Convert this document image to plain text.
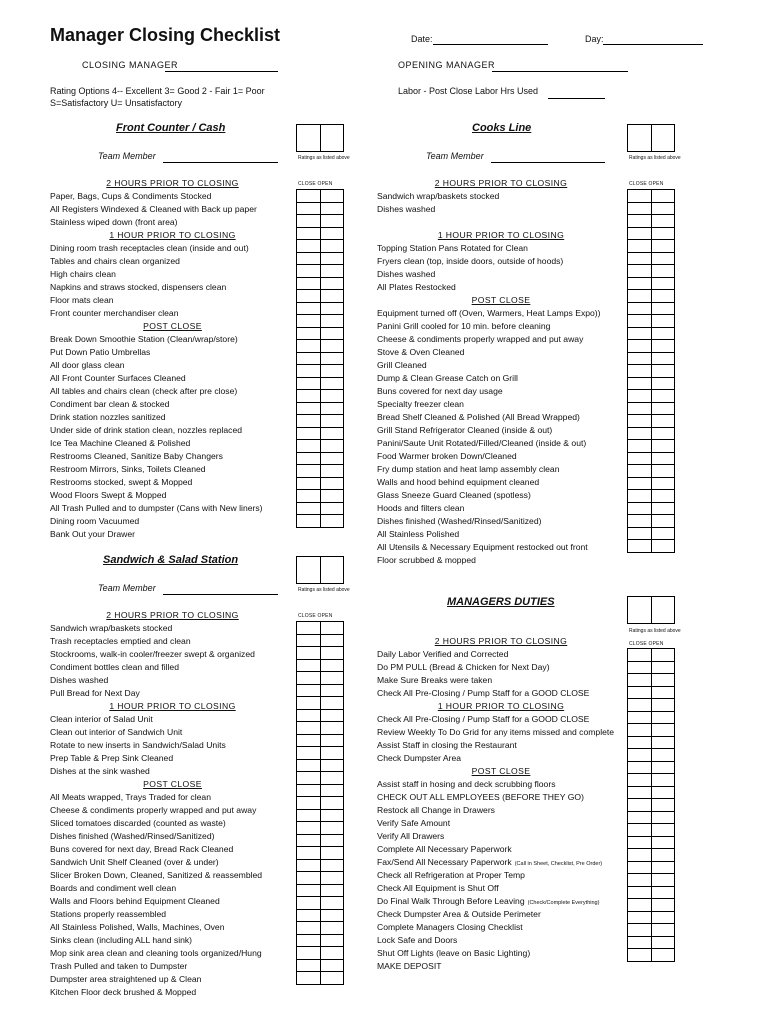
Manager Closing Checklist	Date:	Day:
CLOSING MANAGER	OPENING MANAGER
Rating Options 4-- Excellent 3= Good 2 - Fair 1= Poor
S=Satisfactory U= Unsatisfactory
Labor - Post Close Labor Hrs Used
Front Counter / Cash
Team Member	Ratings as listed above
CLOSE OPEN
2 HOURS PRIOR TO CLOSING
Paper, Bags, Cups & Condiments Stocked
All Registers Windexed & Cleaned with Back up paper
Stainless wiped down (front area)
1 HOUR PRIOR TO CLOSING
Dining room trash receptacles clean (inside and out)
Tables and chairs clean organized
High chairs clean
Napkins and straws stocked, dispensers clean
Floor mats clean
Front counter merchandiser clean
POST CLOSE
Break Down Smoothie Station (Clean/wrap/store)
Put Down Patio Umbrellas
All door glass clean
All Front Counter Surfaces Cleaned
All tables and chairs clean (check after pre close)
Condiment bar clean & stocked
Drink station nozzles sanitized
Under side of drink station clean, nozzles replaced
Ice Tea Machine Cleaned & Polished
Restrooms Cleaned, Sanitize Baby Changers
Restroom Mirrors, Sinks, Toilets Cleaned
Restrooms stocked, swept & Mopped
Wood Floors Swept & Mopped
All Trash Pulled and to dumpster (Cans with New liners)
Dining room Vacuumed
Bank Out your Drawer
Sandwich & Salad Station
Team Member	Ratings as listed above
CLOSE OPEN
2 HOURS PRIOR TO CLOSING
Sandwich wrap/baskets stocked
Trash receptacles emptied and clean
Stockrooms, walk-in cooler/freezer swept & organized
Condiment bottles clean and filled
Dishes washed
Pull Bread for Next Day
1 HOUR PRIOR TO CLOSING
Clean interior of Salad Unit
Clean out interior of Sandwich Unit
Rotate to new inserts in Sandwich/Salad Units
Prep Table & Prep Sink Cleaned
Dishes at the sink washed
POST CLOSE
All Meats wrapped, Trays Traded for clean
Cheese & condiments properly wrapped and put away
Sliced tomatoes discarded (counted as waste)
Dishes finished (Washed/Rinsed/Sanitized)
Buns covered for next day, Bread Rack Cleaned
Sandwich Unit Shelf Cleaned (over & under)
Slicer Broken Down, Cleaned, Sanitized & reassembled
Boards and condiment well clean
Walls and Floors behind Equipment Cleaned
Stations properly reassembled
All Stainless Polished, Walls, Machines, Oven
Sinks clean (including ALL hand sink)
Mop sink area clean and cleaning tools organized/Hung
Trash Pulled and taken to Dumpster
Dumpster area straightened up & Clean
Kitchen Floor deck brushed & Mopped
Cooks Line
Team Member	Ratings as listed above
CLOSE OPEN
2 HOURS PRIOR TO CLOSING
Sandwich wrap/baskets stocked
Dishes washed
1 HOUR PRIOR TO CLOSING
Topping Station Pans Rotated for Clean
Fryers clean (top, inside doors, outside of hoods)
Dishes washed
All Plates Restocked
POST CLOSE
Equipment turned off (Oven, Warmers, Heat Lamps Expo))
Panini Grill cooled for 10 min. before cleaning
Cheese & condiments properly wrapped and put away
Stove & Oven Cleaned
Grill Cleaned
Dump & Clean Grease Catch on Grill
Buns covered for next day usage
Specialty freezer clean
Bread Shelf Cleaned & Polished (All Bread Wrapped)
Grill Stand Refrigerator Cleaned (inside & out)
Panini/Saute Unit Rotated/Filled/Cleaned (inside & out)
Food Warmer broken Down/Cleaned
Fry dump station and heat lamp assembly clean
Walls and hood behind equipment cleaned
Glass Sneeze Guard Cleaned (spotless)
Hoods and filters clean
Dishes finished (Washed/Rinsed/Sanitized)
All Stainless Polished
All Utensils & Necessary Equipment restocked out front
Floor scrubbed & mopped
MANAGERS DUTIES
Ratings as listed above
CLOSE OPEN
2 HOURS PRIOR TO CLOSING
Daily Labor Verified and Corrected
Do PM PULL (Bread & Chicken for Next Day)
Make Sure Breaks were taken
Check All Pre-Closing / Pump Staff for a GOOD CLOSE
1 HOUR PRIOR TO CLOSING
Check All Pre-Closing / Pump Staff for a GOOD CLOSE
Review Weekly To Do Grid for any items missed and complete
Assist Staff in closing the Restaurant
Check Dumpster Area
POST CLOSE
Assist staff in hosing and deck scrubbing floors
CHECK OUT ALL EMPLOYEES (BEFORE THEY GO)
Restock all Change in Drawers
Verify Safe Amount
Verify All Drawers
Complete All Necessary Paperwork
Fax/Send All Necessary Paperwork (Call in Sheet, Checklist, Pre Order)
Check all Refrigeration at Proper Temp
Check All Equipment is Shut Off
Do Final Walk Through Before Leaving (Check/Complete Everything)
Check Dumpster Area & Outside Perimeter
Complete Managers Closing Checklist
Lock Safe and Doors
Shut Off Lights (leave on Basic Lighting)
MAKE DEPOSIT
